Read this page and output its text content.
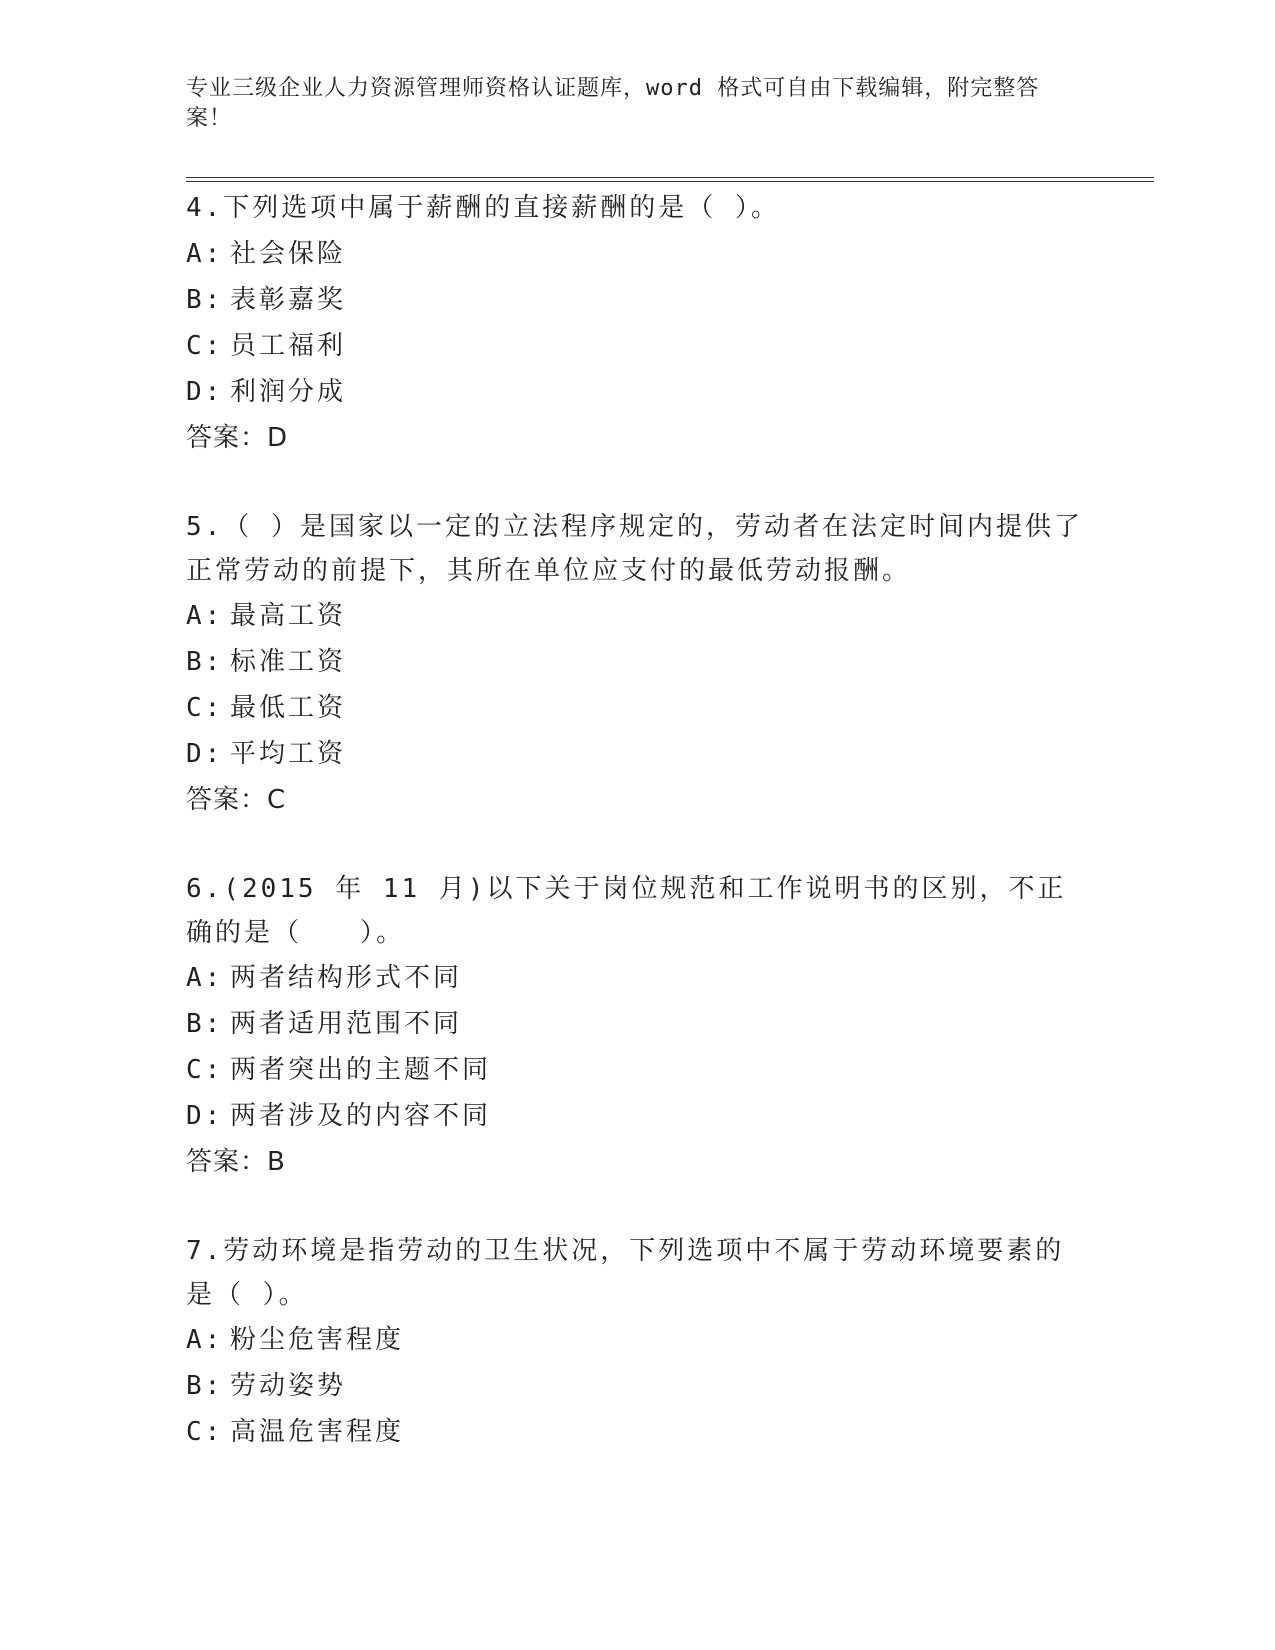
专业三级企业人力资源管理师资格认证题库，word 格式可自由下载编辑，附完整答案！

4.下列选项中属于薪酬的直接薪酬的是（ ）。

A: 社会保险

B: 表彰嘉奖

C: 员工福利

D: 利润分成

答案：D

5.（ ）是国家以一定的立法程序规定的，劳动者在法定时间内提供了正常劳动的前提下，其所在单位应支付的最低劳动报酬。

A: 最高工资

B: 标准工资

C: 最低工资

D: 平均工资

答案：C

6.(2015 年 11 月)以下关于岗位规范和工作说明书的区别，不正确的是（　　）。

A: 两者结构形式不同

B: 两者适用范围不同

C: 两者突出的主题不同

D: 两者涉及的内容不同

答案：B

7.劳动环境是指劳动的卫生状况，下列选项中不属于劳动环境要素的是（ ）。

A: 粉尘危害程度

B: 劳动姿势

C: 高温危害程度
